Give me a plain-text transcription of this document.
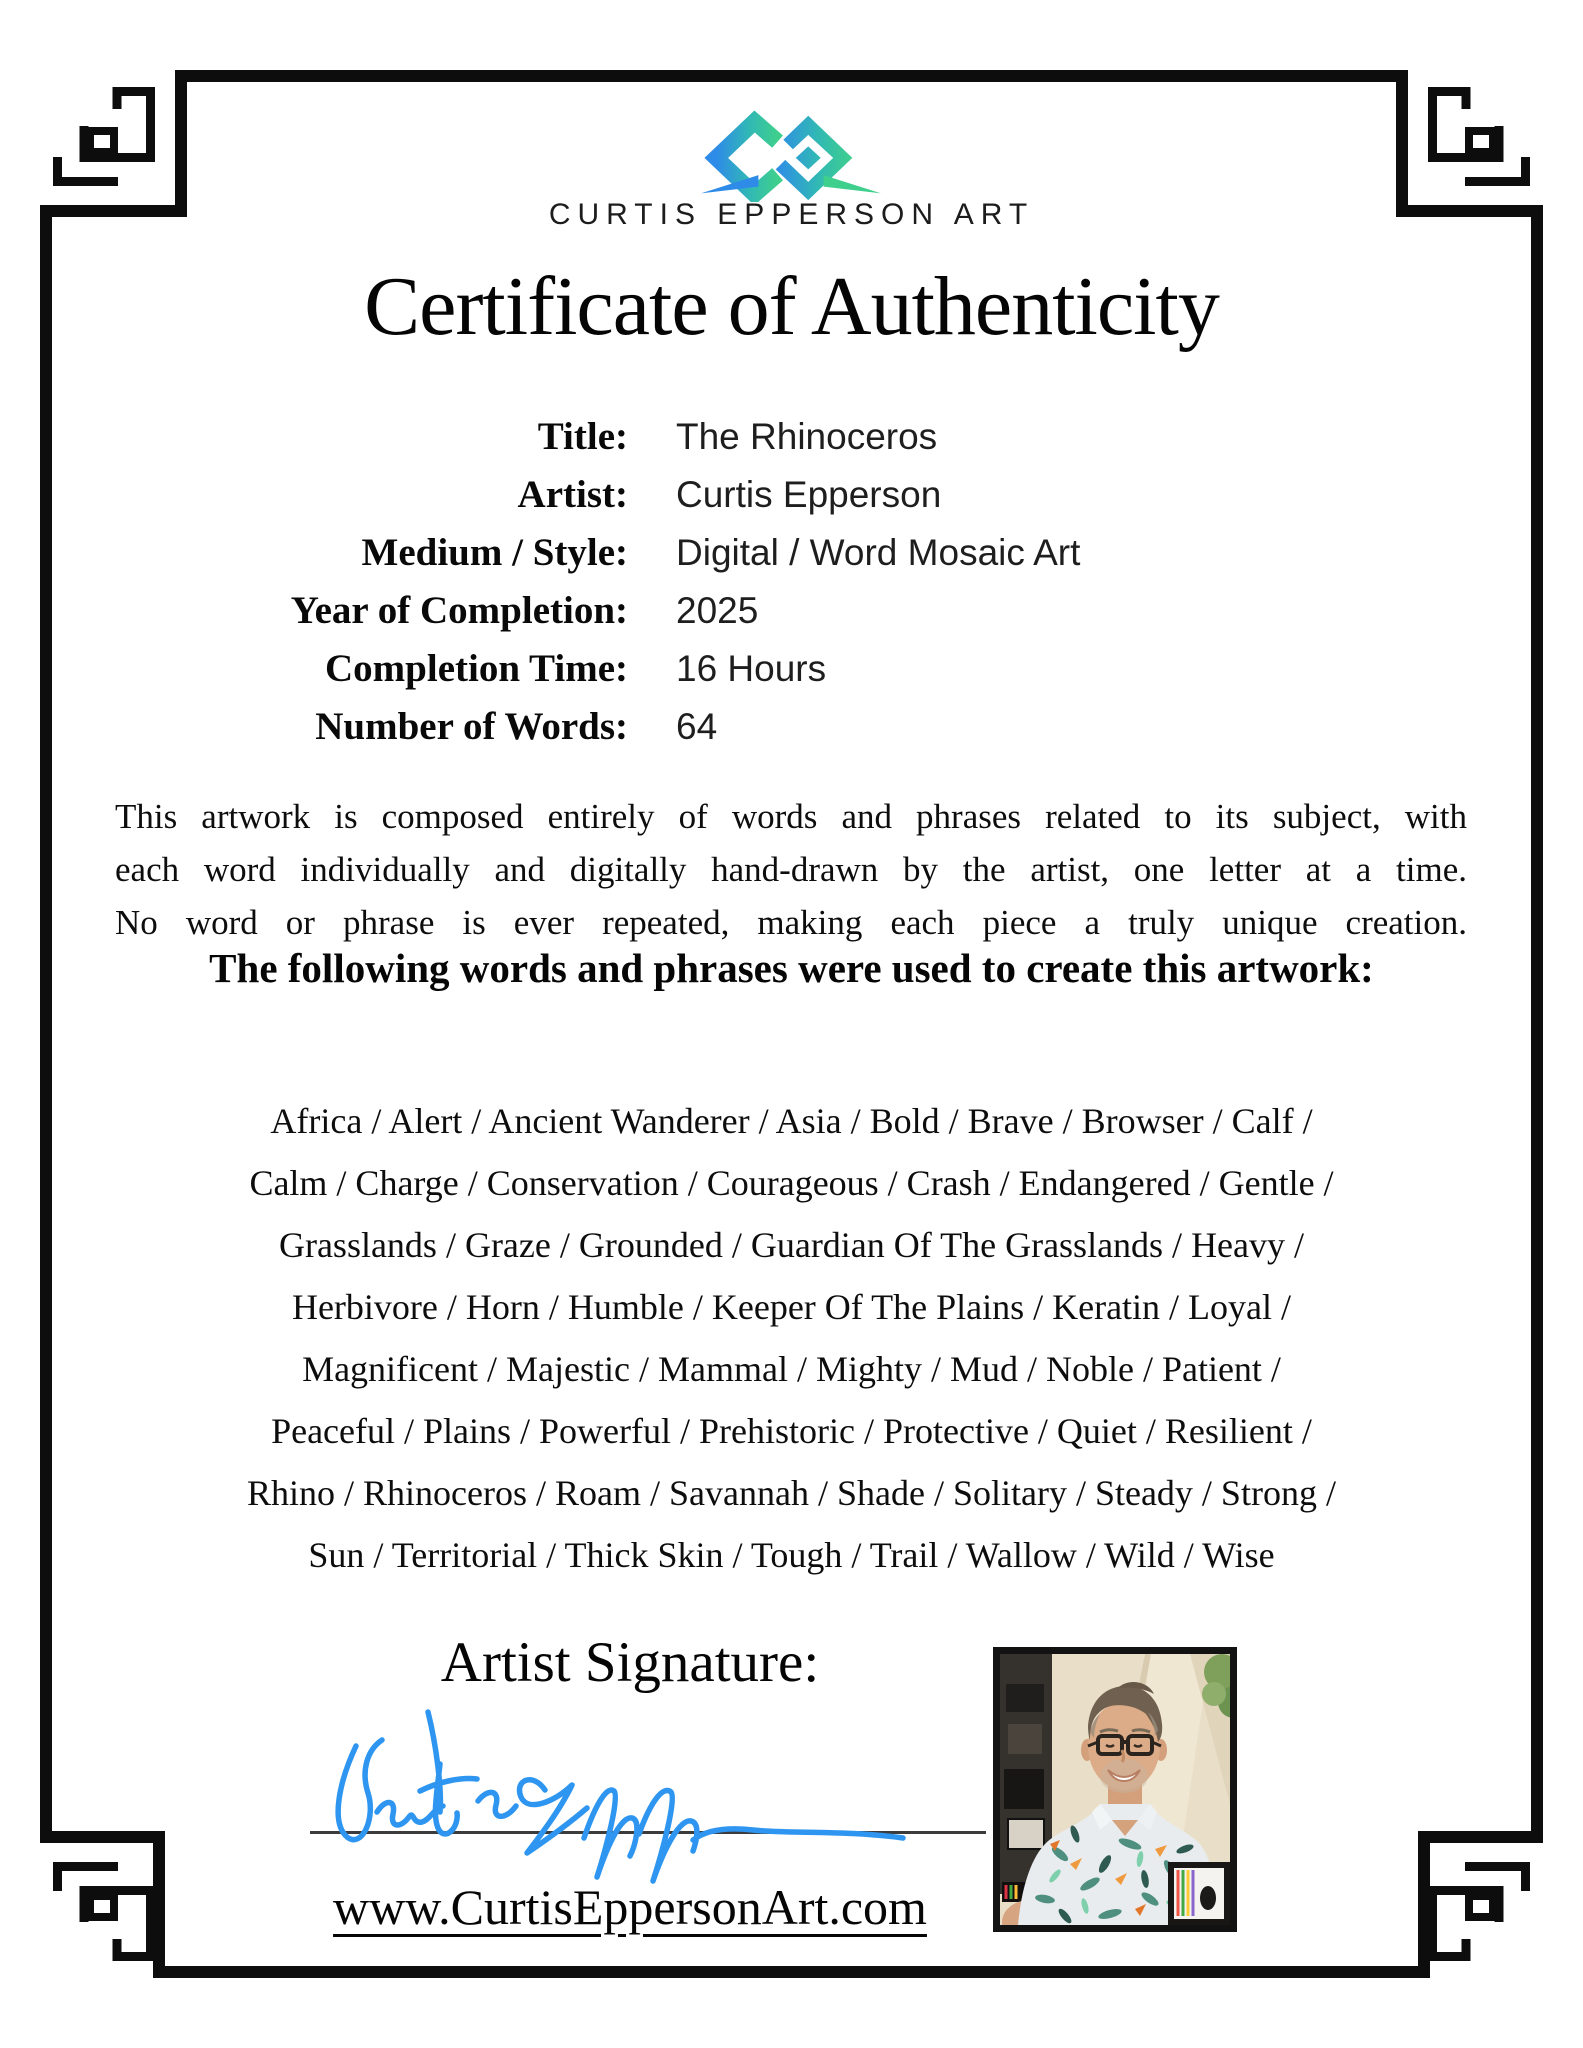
CURTIS EPPERSON ART
Certificate of Authenticity
Title: The Rhinoceros
Artist: Curtis Epperson
Medium / Style: Digital / Word Mosaic Art
Year of Completion: 2025
Completion Time: 16 Hours
Number of Words: 64
This artwork is composed entirely of words and phrases related to its subject, with
each word individually and digitally hand-drawn by the artist, one letter at a time.
No word or phrase is ever repeated, making each piece a truly unique creation.
The following words and phrases were used to create this artwork:
Africa / Alert / Ancient Wanderer / Asia / Bold / Brave / Browser / Calf /
Calm / Charge / Conservation / Courageous / Crash / Endangered / Gentle /
Grasslands / Graze / Grounded / Guardian Of The Grasslands / Heavy /
Herbivore / Horn / Humble / Keeper Of The Plains / Keratin / Loyal /
Magnificent / Majestic / Mammal / Mighty / Mud / Noble / Patient /
Peaceful / Plains / Powerful / Prehistoric / Protective / Quiet / Resilient /
Rhino / Rhinoceros / Roam / Savannah / Shade / Solitary / Steady / Strong /
Sun / Territorial / Thick Skin / Tough / Trail / Wallow / Wild / Wise
Artist Signature:
www.CurtisEppersonArt.com
